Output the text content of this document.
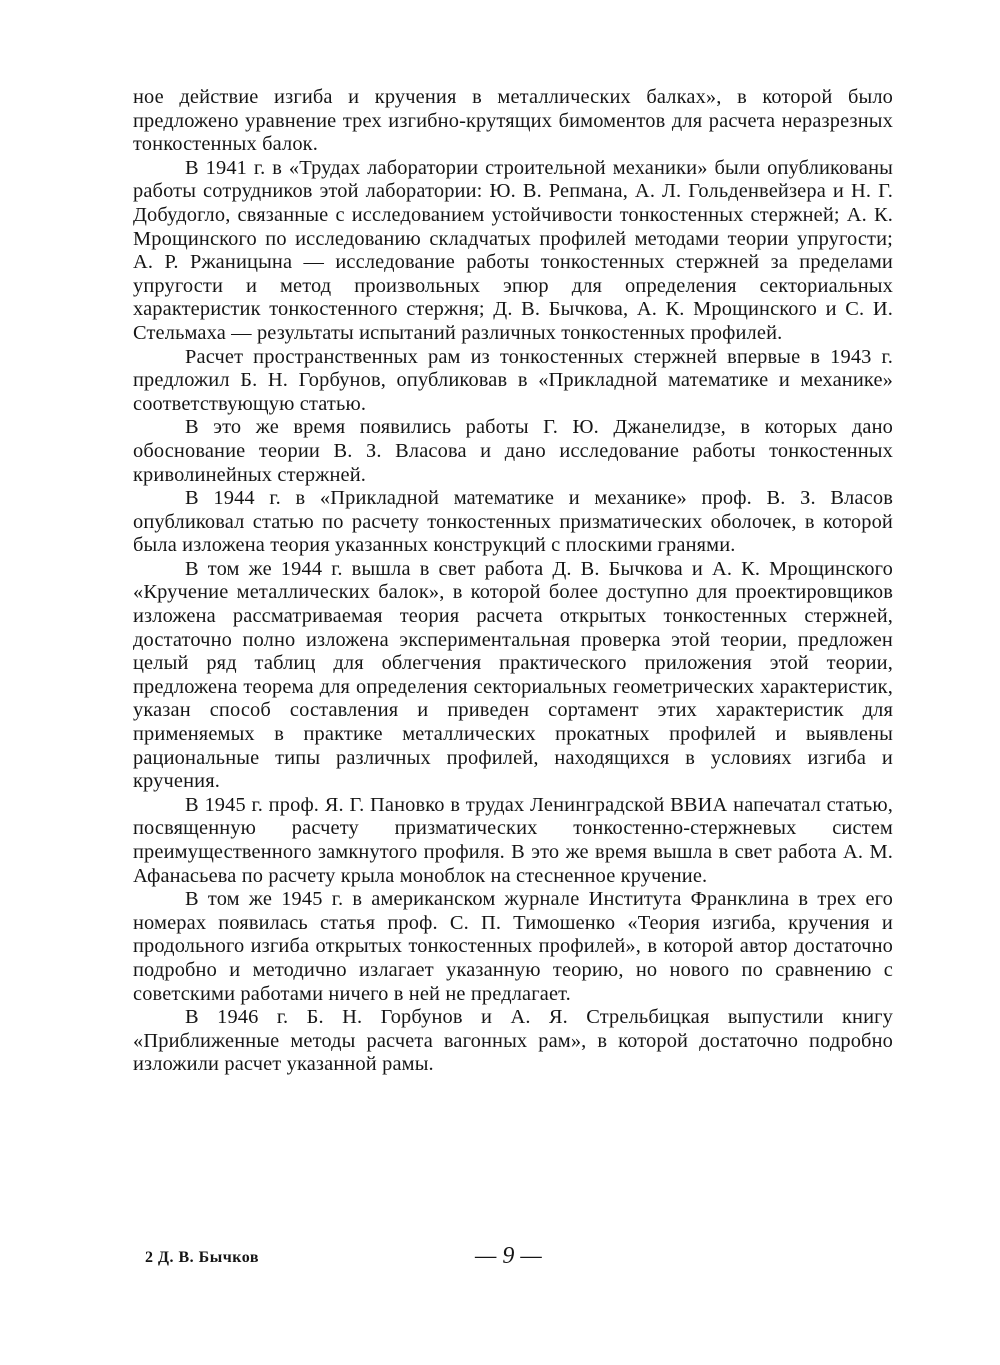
ное действие изгиба и кручения в металлических балках», в которой было предложено уравнение трех изгибно-крутящих бимоментов для расчета неразрезных тонкостенных балок.

В 1941 г. в «Трудах лаборатории строительной механики» были опубликованы работы сотрудников этой лаборатории: Ю. В. Репмана, А. Л. Гольденвейзера и Н. Г. Добудогло, связанные с исследованием устойчивости тонкостенных стержней; А. К. Мрощинского по исследованию складчатых профилей методами теории упругости; А. Р. Ржаницына — исследование работы тонкостенных стержней за пределами упругости и метод произвольных эпюр для определения секториальных характеристик тонкостенного стержня; Д. В. Бычкова, А. К. Мрощинского и С. И. Стельмаха — результаты испытаний различных тонкостенных профилей.

Расчет пространственных рам из тонкостенных стержней впервые в 1943 г. предложил Б. Н. Горбунов, опубликовав в «Прикладной математике и механике» соответствующую статью.

В это же время появились работы Г. Ю. Джанелидзе, в которых дано обоснование теории В. З. Власова и дано исследование работы тонкостенных криволинейных стержней.

В 1944 г. в «Прикладной математике и механике» проф. В. З. Власов опубликовал статью по расчету тонкостенных призматических оболочек, в которой была изложена теория указанных конструкций с плоскими гранями.

В том же 1944 г. вышла в свет работа Д. В. Бычкова и А. К. Мрощинского «Кручение металлических балок», в которой более доступно для проектировщиков изложена рассматриваемая теория расчета открытых тонкостенных стержней, достаточно полно изложена экспериментальная проверка этой теории, предложен целый ряд таблиц для облегчения практического приложения этой теории, предложена теорема для определения секториальных геометрических характеристик, указан способ составления и приведен сортамент этих характеристик для применяемых в практике металлических прокатных профилей и выявлены рациональные типы различных профилей, находящихся в условиях изгиба и кручения.

В 1945 г. проф. Я. Г. Пановко в трудах Ленинградской ВВИА напечатал статью, посвященную расчету призматических тонкостенно-стержневых систем преимущественного замкнутого профиля. В это же время вышла в свет работа А. М. Афанасьева по расчету крыла моноблок на стесненное кручение.

В том же 1945 г. в американском журнале Института Франклина в трех его номерах появилась статья проф. С. П. Тимошенко «Теория изгиба, кручения и продольного изгиба открытых тонкостенных профилей», в которой автор достаточно подробно и методично излагает указанную теорию, но нового по сравнению с советскими работами ничего в ней не предлагает.

В 1946 г. Б. Н. Горбунов и А. Я. Стрельбицкая выпустили книгу «Приближенные методы расчета вагонных рам», в которой достаточно подробно изложили расчет указанной рамы.

2 Д. В. Бычков	— 9 —
